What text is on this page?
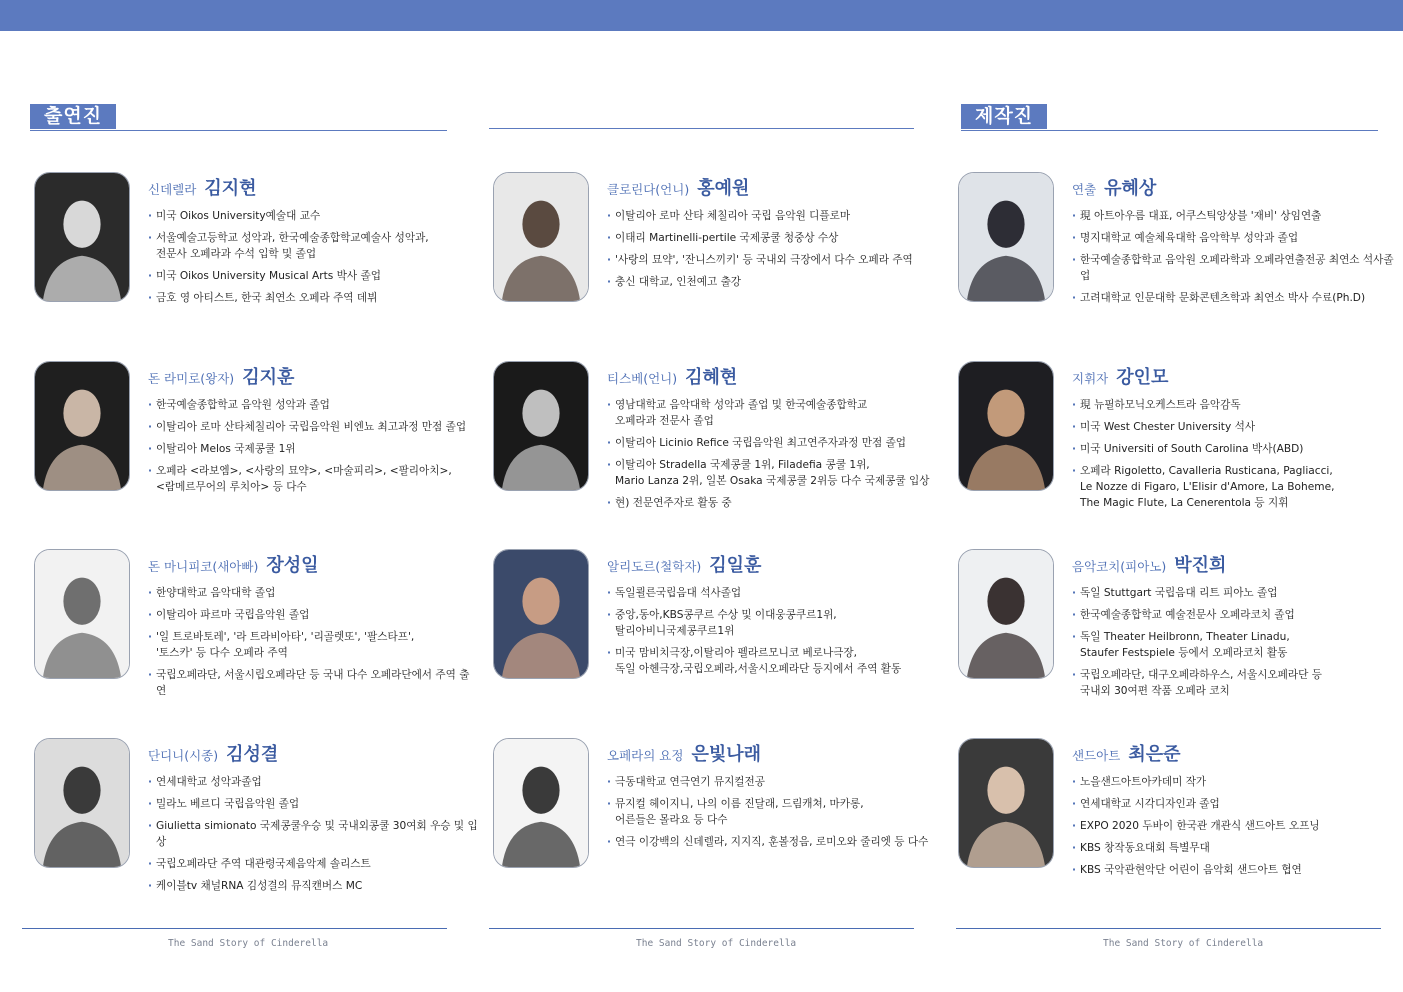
출연진	제작진
신데렐라 김지현
· 미국 Oikos University예술대 교수
· 서울예술고등학교 성악과, 한국예술종합학교예술사 성악과,
전문사 오페라과 수석 입학 및 졸업
· 미국 Oikos University Musical Arts 박사 졸업
· 금호 영 아티스트, 한국 최연소 오페라 주역 데뷔
돈 라미로(왕자) 김지훈
· 한국예술종합학교 음악원 성악과 졸업
· 이탈리아 로마 산타체칠리아 국립음악원 비엔뇨 최고과정 만점 졸업
· 이탈리아 Melos 국제콩쿨 1위
· 오페라 <라보엠>, <사랑의 묘약>, <마술피리>, <팔리아치>,
<람메르무어의 루치아> 등 다수
돈 마니피코(새아빠) 장성일
· 한양대학교 음악대학 졸업
· 이탈리아 파르마 국립음악원 졸업
· '일 트로바토레', '라 트라비아타', '리골렛또', '팔스타프',
'토스카' 등 다수 오페라 주역
· 국립오페라단, 서울시립오페라단 등 국내 다수 오페라단에서 주역 출연
단디니(시종) 김성결
· 연세대학교 성악과졸업
· 밀라노 베르디 국립음악원 졸업
· Giulietta simionato 국제콩쿨우승 및 국내외콩쿨 30여회 우승 및 입상
· 국립오페라단 주역 대관령국제음악제 솔리스트
· 케이블tv 채널RNA 김성결의 뮤직캔버스 MC
클로린다(언니) 홍예원
· 이탈리아 로마 산타 체칠리아 국립 음악원 디플로마
· 이태리 Martinelli-pertile 국제콩쿨 청중상 수상
· '사랑의 묘약', '잔니스끼키' 등 국내외 극장에서 다수 오페라 주역
· 충신 대학교, 인천예고 출강
티스베(언니) 김혜현
· 영남대학교 음악대학 성악과 졸업 및 한국예술종합학교
오페라과 전문사 졸업
· 이탈리아 Licinio Refice 국립음악원 최고연주자과정 만점 졸업
· 이탈리아 Stradella 국제콩쿨 1위, Filadefia 콩쿨 1위,
Mario Lanza 2위, 일본 Osaka 국제콩쿨 2위등 다수 국제콩쿨 입상
· 현) 전문연주자로 활동 중
알리도르(철학자) 김일훈
· 독일쾰른국립음대 석사졸업
· 중앙,동아,KBS콩쿠르 수상 및 이대웅콩쿠르1위,
탈리아비니국제콩쿠르1위
· 미국 맘비치극장,이탈리아 펠라르모니코 베로나극장,
독일 아헨극장,국립오페라,서울시오페라단 등지에서 주역 활동
오페라의 요정 은빛나래
· 극동대학교 연극연기 뮤지컬전공
· 뮤지컬 헤이지니, 나의 이름 진달래, 드림캐쳐, 마카롱,
어른들은 몰라요 등 다수
· 연극 이강백의 신데렐라, 지지직, 훈볼정음, 로미오와 줄리엣 등 다수
연출 유혜상
· 現 아트아우름 대표, 어쿠스틱앙상블 '재비' 상임연출
· 명지대학교 예술체육대학 음악학부 성악과 졸업
· 한국예술종합학교 음악원 오페라학과 오페라연출전공 최연소 석사졸업
· 고려대학교 인문대학 문화콘텐츠학과 최연소 박사 수료(Ph.D)
지휘자 강인모
· 現 뉴필하모닉오케스트라 음악감독
· 미국 West Chester University 석사
· 미국 Universiti of South Carolina 박사(ABD)
· 오페라 Rigoletto, Cavalleria Rusticana, Pagliacci,
Le Nozze di Figaro, L'Elisir d'Amore, La Boheme,
The Magic Flute, La Cenerentola 등 지휘
음악코치(피아노) 박진희
· 독일 Stuttgart 국립음대 리트 피아노 졸업
· 한국예술종합학교 예술전문사 오페라코치 졸업
· 독일 Theater Heilbronn, Theater Linadu,
Staufer Festspiele 등에서 오페라코치 활동
· 국립오페라단, 대구오페라하우스, 서울시오페라단 등
국내외 30여편 작품 오페라 코치
샌드아트 최은준
· 노을샌드아트아카데미 작가
· 연세대학교 시각디자인과 졸업
· EXPO 2020 두바이 한국관 개관식 샌드아트 오프닝
· KBS 창작동요대회 특별무대
· KBS 국악관현악단 어린이 음악회 샌드아트 협연
The Sand Story of Cinderella	The Sand Story of Cinderella	The Sand Story of Cinderella
